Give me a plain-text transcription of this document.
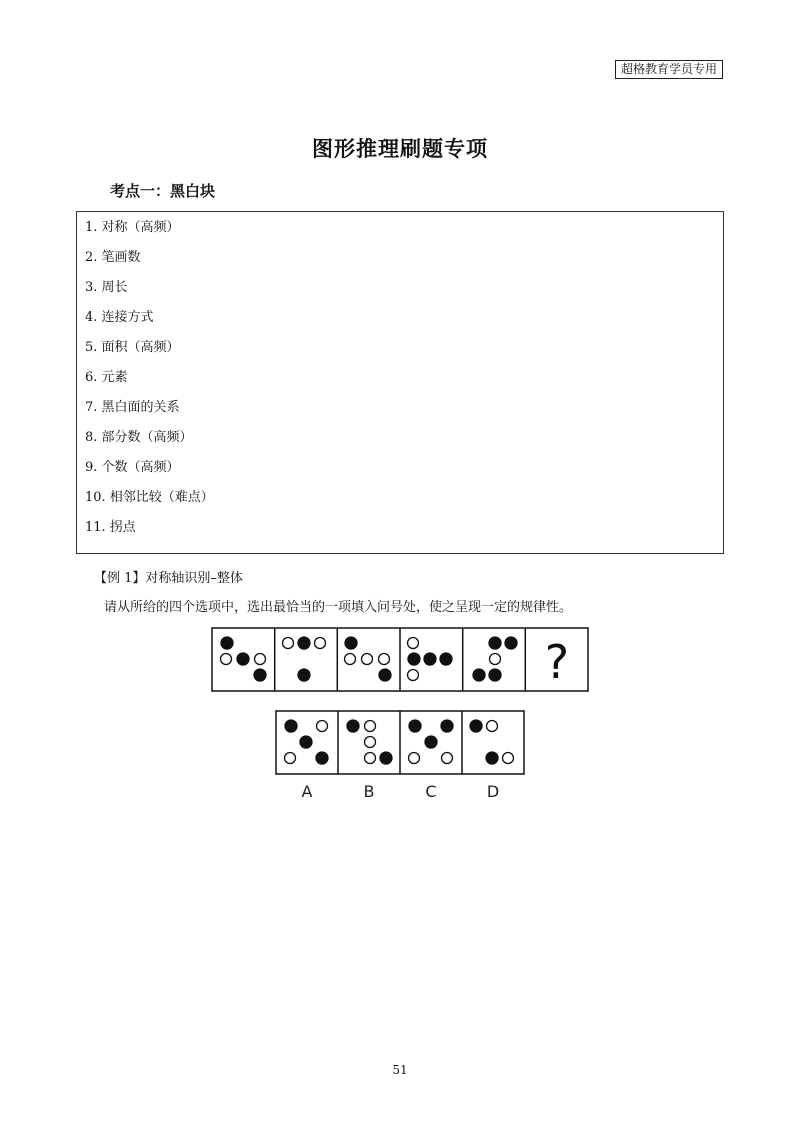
超格教育学员专用
图形推理刷题专项
考点一：黑白块
1. 对称（高频）
2. 笔画数
3. 周长
4. 连接方式
5. 面积（高频）
6. 元素
7. 黑白面的关系
8. 部分数（高频）
9. 个数（高频）
10. 相邻比较（难点）
11. 拐点
【例 1】对称轴识别–整体
请从所给的四个选项中，选出最恰当的一项填入问号处，使之呈现一定的规律性。
?
A	B	C	D
51
